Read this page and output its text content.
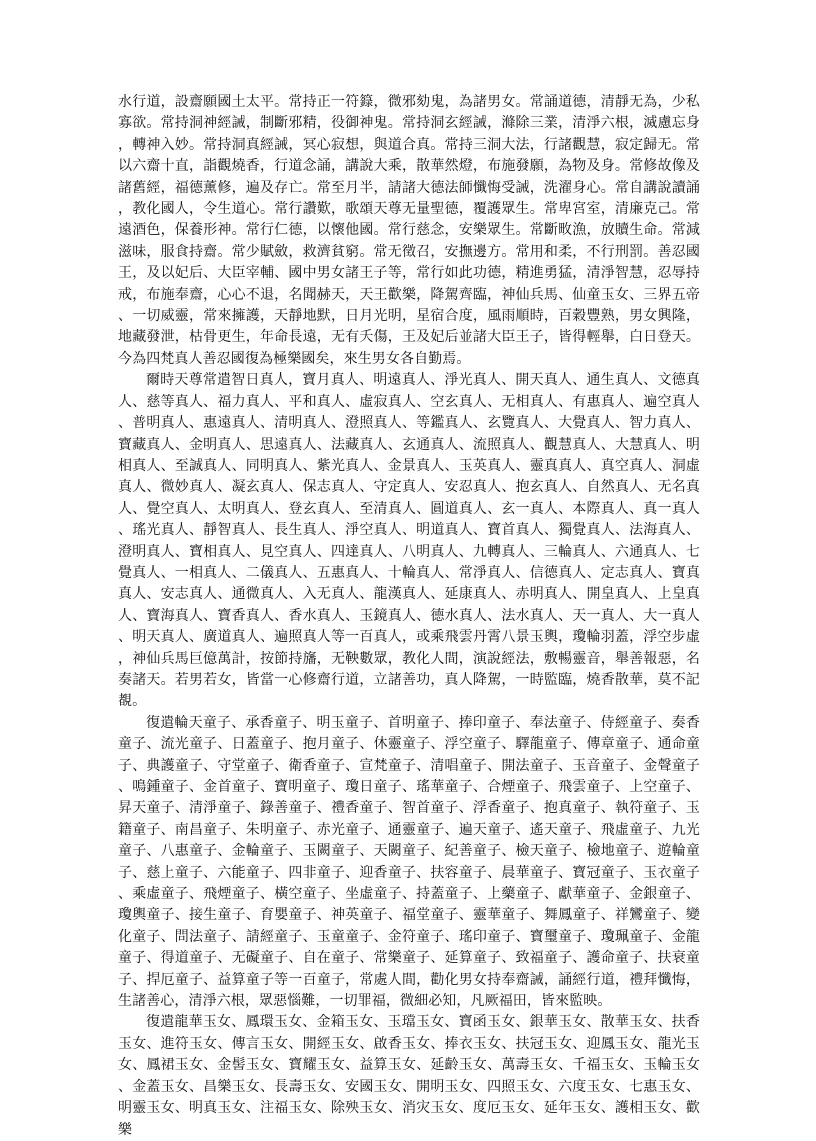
水行道，設齋願國土太平。常持正一符籙，微邪劾鬼，為諸男女。常誦道德，清靜无為，少私寡欲。常持洞神經誡，制斷邪精，役御神鬼。常持洞玄經誡，滌除三業，清淨六根，滅慮忘身，轉神入妙。常持洞真經誡，冥心寂想，與道合真。常持三洞大法，行諸觀慧，寂定歸无。常以六齋十直，詣觀燒香，行道念誦，講說大乘，散華然燈，布施發願，為物及身。常修故像及諸舊經，福德薰修，遍及存亡。常至月半，請諸大德法師懺悔受誡，洗濯身心。常自講說讀誦，教化國人，令生道心。常行讚歎，歌頌天尊无量聖德，覆護眾生。常卑宮室，清廉克己。常遠酒色，保養形神。常行仁德，以懷他國。常行慈念，安樂眾生。常斷畋漁，放贖生命。常減滋味，服食持齋。常少賦斂，救濟貧窮。常无徵召，安撫邊方。常用和柔，不行刑罰。善忍國王，及以妃后、大臣宰輔、國中男女諸王子等，常行如此功德，精進勇猛，清淨智慧，忍辱持戒，布施奉齋，心心不退，名聞赫天，天王歡樂，降駕齊臨，神仙兵馬、仙童玉女、三界五帝、一切威靈，常來擁護，天靜地默，日月光明，星宿合度，風雨順時，百穀豐熟，男女興隆，地藏發泄，枯骨更生，年命長遠，无有夭傷，王及妃后並諸大臣王子，皆得輕舉，白日登天。今為四梵真人善忍國復為極樂國矣，來生男女各自勤焉。

爾時天尊常遣智日真人，寶月真人、明遠真人、淨光真人、開天真人、通生真人、文德真人、慈等真人、福力真人、平和真人、虛寂真人、空玄真人、无相真人、有惠真人、遍空真人、普明真人、惠遠真人、清明真人、澄照真人、等鑑真人、玄覽真人、大覺真人、智力真人、寶藏真人、金明真人、思遠真人、法藏真人、玄通真人、流照真人、觀慧真人、大慧真人、明相真人、至誠真人、同明真人、紫光真人、金景真人、玉英真人、靈真真人、真空真人、洞虛真人、微妙真人、凝玄真人、保志真人、守定真人、安忍真人、抱玄真人、自然真人、无名真人、覺空真人、太明真人、登玄真人、至清真人、圓道真人、玄一真人、本際真人、真一真人、瑤光真人、靜智真人、長生真人、淨空真人、明道真人、寶首真人、獨覺真人、法海真人、澄明真人、寶相真人、見空真人、四達真人、八明真人、九轉真人、三輪真人、六通真人、七覺真人、一相真人、二儀真人、五惠真人、十輪真人、常淨真人、信德真人、定志真人、寶真真人、安志真人、通微真人、入无真人、龍漢真人、延康真人、赤明真人、開皇真人、上皇真人、寶海真人、寶香真人、香水真人、玉鏡真人、德水真人、法水真人、天一真人、大一真人、明天真人、廣道真人、遍照真人等一百真人，或乘飛雲丹霄八景玉輿，瓊輪羽蓋，浮空步虛，神仙兵馬巨億萬計，按節持旛，无鞅數眾，教化人間，演說經法，敷暢靈音，舉善報惡，名奏諸天。若男若女，皆當一心修齋行道，立諸善功，真人降駕，一時監臨，燒香散華，莫不記覩。

復遣輪天童子、承香童子、明玉童子、首明童子、捧印童子、奉法童子、侍經童子、奏香童子、流光童子、日蓋童子、抱月童子、休靈童子、浮空童子、驛龍童子、傳章童子、通命童子、典護童子、守堂童子、衛香童子、宣梵童子、清唱童子、開法童子、玉音童子、金聲童子、鳴鍾童子、金首童子、寶明童子、瓊日童子、瑤華童子、合煙童子、飛雲童子、上空童子、昇天童子、清淨童子、錄善童子、禮香童子、智首童子、浮香童子、抱真童子、執符童子、玉籍童子、南昌童子、朱明童子、赤光童子、通靈童子、遍天童子、遙天童子、飛虛童子、九光童子、八惠童子、金輪童子、玉闕童子、天闕童子、紀善童子、檢天童子、檢地童子、遊輪童子、慈上童子、六能童子、四非童子、迎香童子、扶容童子、晨華童子、寶冠童子、玉衣童子、乘虛童子、飛煙童子、橫空童子、坐虛童子、持蓋童子、上藥童子、獻華童子、金銀童子、瓊輿童子、接生童子、育嬰童子、神英童子、福堂童子、靈華童子、舞鳳童子、祥鸞童子、變化童子、問法童子、請經童子、玉童童子、金符童子、瑤印童子、寶璽童子、瓊珮童子、金龍童子、得道童子、无礙童子、自在童子、常樂童子、延算童子、致福童子、護命童子、扶衰童子、捍厄童子、益算童子等一百童子，常處人間，勸化男女持奉齋誡，誦經行道，禮拜懺悔，生諸善心，清淨六根，眾惡惱難，一切罪福，微細必知，凡厥福田，皆來監映。

復遣龍華玉女、鳳環玉女、金箱玉女、玉璫玉女、寶函玉女、銀華玉女、散華玉女、扶香玉女、進符玉女、傳言玉女、開經玉女、啟香玉女、捧衣玉女、扶冠玉女、迎鳳玉女、龍光玉女、鳳裙玉女、金髻玉女、寶耀玉女、益算玉女、延齡玉女、萬壽玉女、千福玉女、玉輪玉女、金蓋玉女、昌樂玉女、長壽玉女、安國玉女、開明玉女、四照玉女、六度玉女、七惠玉女、明靈玉女、明真玉女、注福玉女、除殃玉女、消灾玉女、度厄玉女、延年玉女、護相玉女、歡樂
